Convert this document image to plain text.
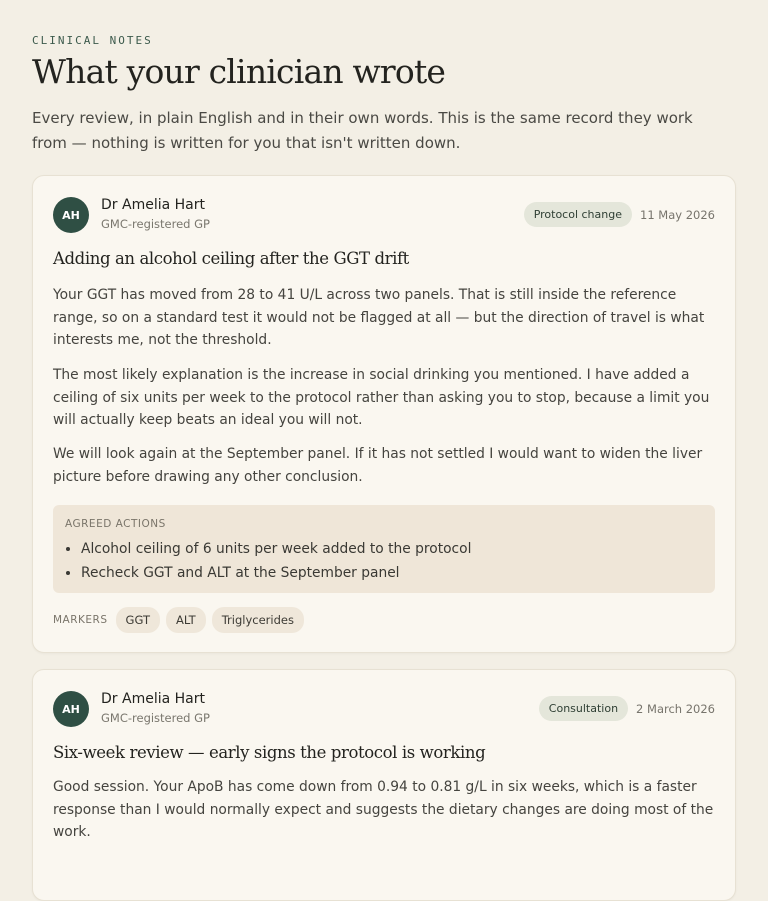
CLINICAL NOTES
What your clinician wrote

Every review, in plain English and in their own words. This is the same record they work from — nothing is written for you that isn't written down.

AH
Dr Amelia Hart
GMC-registered GP
Protocol change	11 May 2026
Adding an alcohol ceiling after the GGT drift

Your GGT has moved from 28 to 41 U/L across two panels. That is still inside the reference range, so on a standard test it would not be flagged at all — but the direction of travel is what interests me, not the threshold.

The most likely explanation is the increase in social drinking you mentioned. I have added a ceiling of six units per week to the protocol rather than asking you to stop, because a limit you will actually keep beats an ideal you will not.

We will look again at the September panel. If it has not settled I would want to widen the liver picture before drawing any other conclusion.

AGREED ACTIONS
• Alcohol ceiling of 6 units per week added to the protocol
• Recheck GGT and ALT at the September panel
MARKERS	GGT	ALT	Triglycerides
AH
Dr Amelia Hart
GMC-registered GP
Consultation	2 March 2026
Six-week review — early signs the protocol is working

Good session. Your ApoB has come down from 0.94 to 0.81 g/L in six weeks, which is a faster response than I would normally expect and suggests the dietary changes are doing most of the work.
